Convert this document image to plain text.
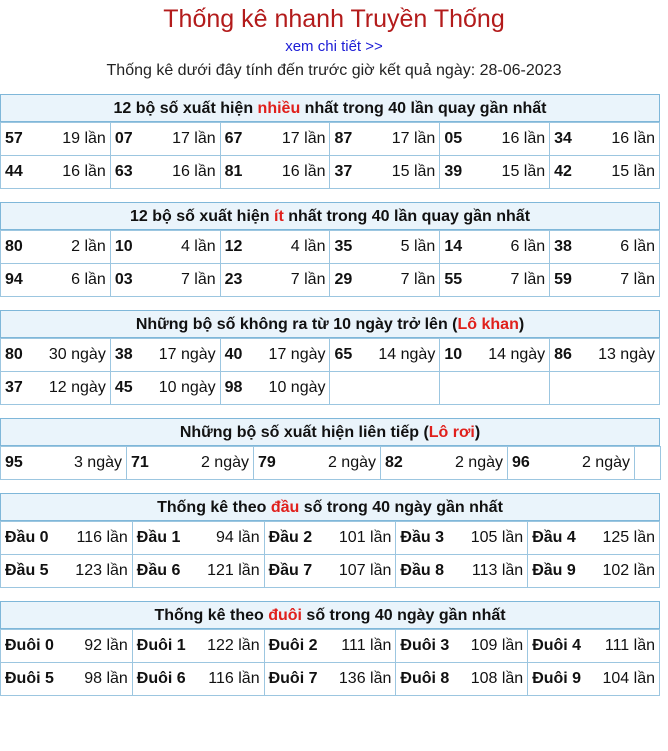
Thống kê nhanh Truyền Thống
xem chi tiết >>
Thống kê dưới đây tính đến trước giờ kết quả ngày: 28-06-2023
12 bộ số xuất hiện nhiều nhất trong 40 lần quay gần nhất
57 19 lần	07 17 lần	67 17 lần	87 17 lần	05 16 lần	34 16 lần

44 16 lần	63 16 lần	81 16 lần	37 15 lần	39 15 lần	42 15 lần
12 bộ số xuất hiện ít nhất trong 40 lần quay gần nhất
80 2 lần	10 4 lần	12 4 lần	35 5 lần	14 6 lần	38 6 lần

94 6 lần	03 7 lần	23 7 lần	29 7 lần	55 7 lần	59 7 lần
Những bộ số không ra từ 10 ngày trở lên (Lô khan)
80 30 ngày	38 17 ngày	40 17 ngày	65 14 ngày	10 14 ngày	86 13 ngày

37 12 ngày	45 10 ngày	98 10 ngày			

Những bộ số xuất hiện liên tiếp (Lô rơi)
95	3 ngày	71	2 ngày	79	2 ngày	82	2 ngày	96	2 ngày

Thống kê theo đầu số trong 40 ngày gần nhất
Đầu 0 116 lần	Đầu 1 94 lần	Đầu 2 101 lần	Đầu 3 105 lần	Đầu 4 125 lần

Đầu 5 123 lần	Đầu 6 121 lần	Đầu 7 107 lần	Đầu 8 113 lần	Đầu 9 102 lần
Thống kê theo đuôi số trong 40 ngày gần nhất
Đuôi 0 92 lần	Đuôi 1 122 lần	Đuôi 2 111 lần	Đuôi 3 109 lần	Đuôi 4 111 lần

Đuôi 5 98 lần	Đuôi 6 116 lần	Đuôi 7 136 lần	Đuôi 8 108 lần	Đuôi 9 104 lần
